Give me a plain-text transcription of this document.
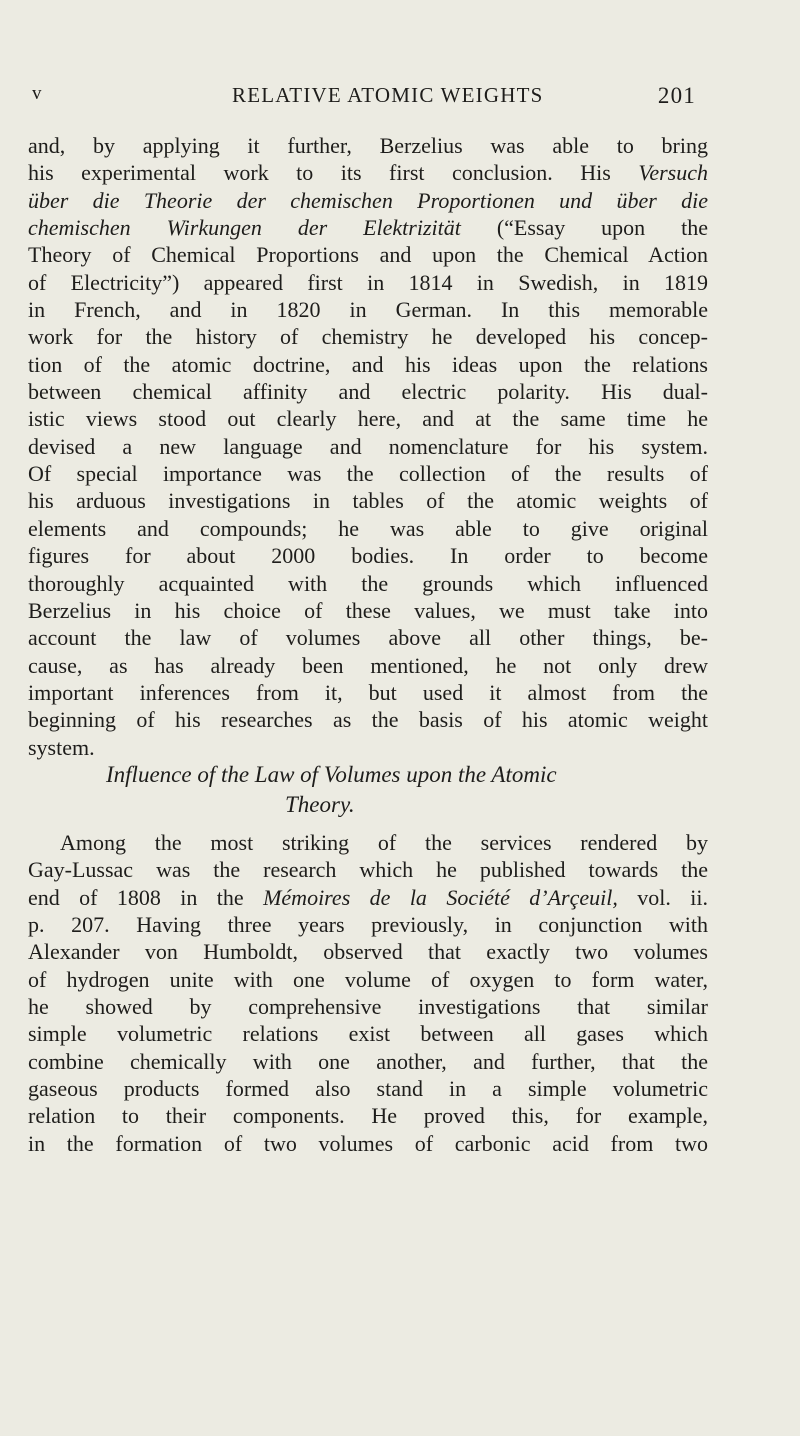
v	RELATIVE ATOMIC WEIGHTS	201
and, by applying it further, Berzelius was able to bring
his experimental work to its first conclusion. His Versuch
über die Theorie der chemischen Proportionen und über die
chemischen Wirkungen der Elektrizität (“Essay upon the
Theory of Chemical Proportions and upon the Chemical Action
of Electricity”) appeared first in 1814 in Swedish, in 1819
in French, and in 1820 in German. In this memorable
work for the history of chemistry he developed his concep-
tion of the atomic doctrine, and his ideas upon the relations
between chemical affinity and electric polarity. His dual-
istic views stood out clearly here, and at the same time he
devised a new language and nomenclature for his system.
Of special importance was the collection of the results of
his arduous investigations in tables of the atomic weights of
elements and compounds; he was able to give original
figures for about 2000 bodies. In order to become
thoroughly acquainted with the grounds which influenced
Berzelius in his choice of these values, we must take into
account the law of volumes above all other things, be-
cause, as has already been mentioned, he not only drew
important inferences from it, but used it almost from the
beginning of his researches as the basis of his atomic weight
system.
Influence of the Law of Volumes upon the Atomic
Theory.
Among the most striking of the services rendered by
Gay-Lussac was the research which he published towards the
end of 1808 in the Mémoires de la Société d’Arçeuil, vol. ii.
p. 207. Having three years previously, in conjunction with
Alexander von Humboldt, observed that exactly two volumes
of hydrogen unite with one volume of oxygen to form water,
he showed by comprehensive investigations that similar
simple volumetric relations exist between all gases which
combine chemically with one another, and further, that the
gaseous products formed also stand in a simple volumetric
relation to their components. He proved this, for example,
in the formation of two volumes of carbonic acid from two
